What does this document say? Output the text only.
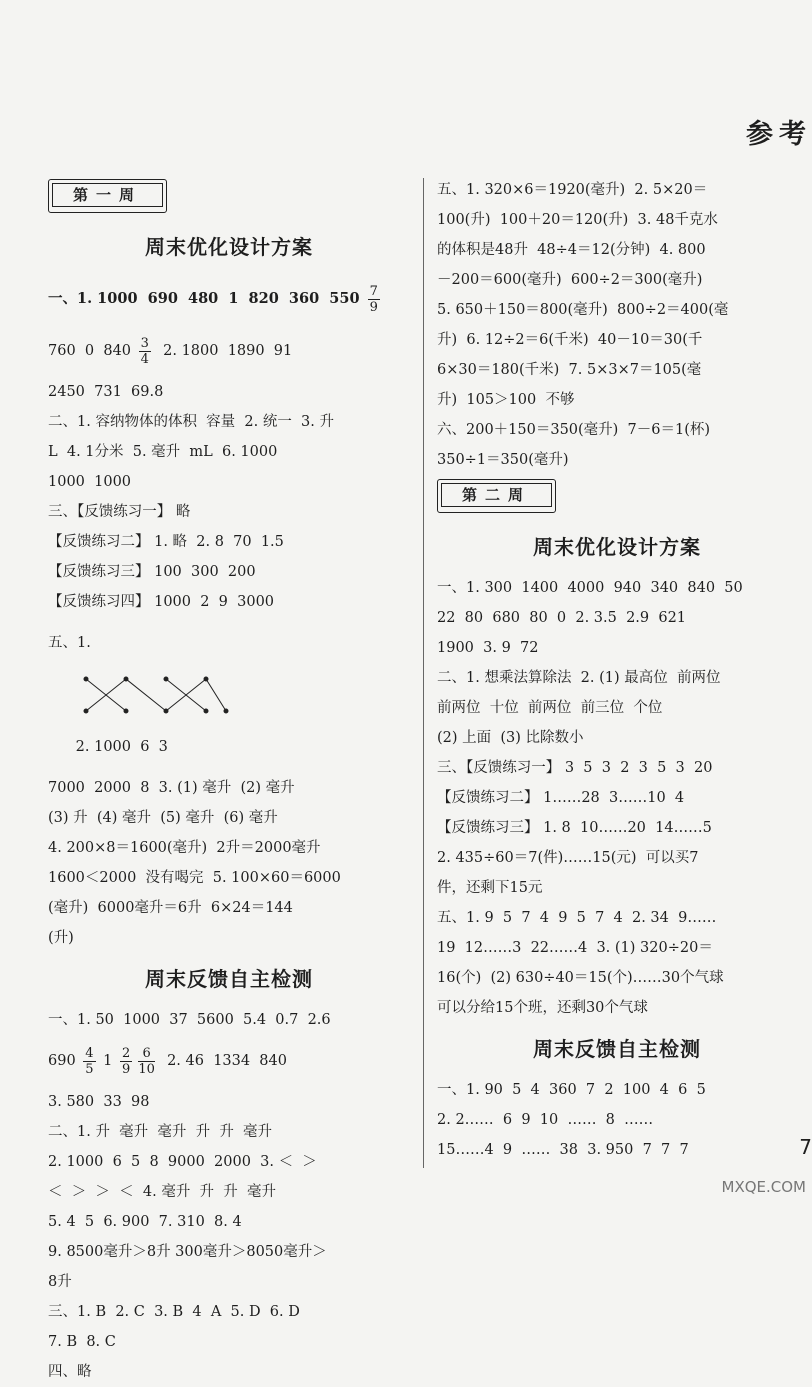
参考
第一周
周末优化设计方案
一、1. 1000  690  480  1  820  360  $550 \frac{7}{9}$
760  0  $840 \frac{3}{4} 2$. 1800  1890  91
2450  731  69.8
二、1. 容纳物体的体积  容量  2. 统一  3. 升
L  4. 1分米  5. 毫升  mL  6. 1000
1000  1000
三、【反馈练习一】 略
【反馈练习二】 1. 略  2. 8  70  1.5
【反馈练习三】 100  300  200
【反馈练习四】 1000  2  9  3000
五、1.

2. 1000  6  3
7000  2000  8  3. (1) 毫升  (2) 毫升
(3) 升  (4) 毫升  (5) 毫升  (6) 毫升
4. 200×8＝1600(毫升)  2升＝2000毫升
1600＜2000  没有喝完  5. 100×60＝6000
(毫升)  6000毫升＝6升  6×24＝144
(升)
周末反馈自主检测
一、1. 50  1000  37  5600  5.4  0.7  2.6
$690 \frac{4}{5} 1 \frac{2}{9} \frac{6}{10} 2$. 46  1334  840
3. 580  33  98
二、1. 升  毫升  毫升  升  升  毫升
2. 1000  6  5  8  9000  2000  3. ＜  ＞
＜  ＞  ＞  ＜  4. 毫升  升  升  毫升
5. 4  5  6. 900  7. 310  8. 4
9. 8500毫升＞8升 300毫升＞8050毫升＞
8升
三、1. B  2. C  3. B  4  A  5. D  6. D
7. B  8. C
四、略
五、1. 320×6＝1920(毫升)  2. 5×20＝
100(升)  100＋20＝120(升)  3. 48千克水
的体积是48升  48÷4＝12(分钟)  4. 800
－200＝600(毫升)  600÷2＝300(毫升)
5. 650＋150＝800(毫升)  800÷2＝400(毫
升)  6. 12÷2＝6(千米)  40－10＝30(千
6×30＝180(千米)  7. 5×3×7＝105(毫
升)  105＞100  不够
六、200＋150＝350(毫升)  7－6＝1(杯)
350÷1＝350(毫升)
第二周
周末优化设计方案
一、1. 300  1400  4000  940  340  840  50
22  80  680  80  0  2. 3.5  2.9  621
1900  3. 9  72
二、1. 想乘法算除法  2. (1) 最高位  前两位
前两位  十位  前两位  前三位  个位
(2) 上面  (3) 比除数小
三、【反馈练习一】 3  5  3  2  3  5  3  20
【反馈练习二】 1……28  3……10  4
【反馈练习三】 1. 8  10……20  14……5
2. 435÷60＝7(件)……15(元)  可以买7
件，还剩下15元
五、1. 9  5  7  4  9  5  7  4  2. 34  9……
19  12……3  22……4  3. (1) 320÷20＝
16(个)  (2) 630÷40＝15(个)……30个气球
可以分给15个班，还剩30个气球
周末反馈自主检测
一、1. 90  5  4  360  7  2  100  4  6  5
2. 2……  6  9  10  ……  8  ……
15……4  9  ……  38  3. 950  7  7  7	7
MXQE.COM
